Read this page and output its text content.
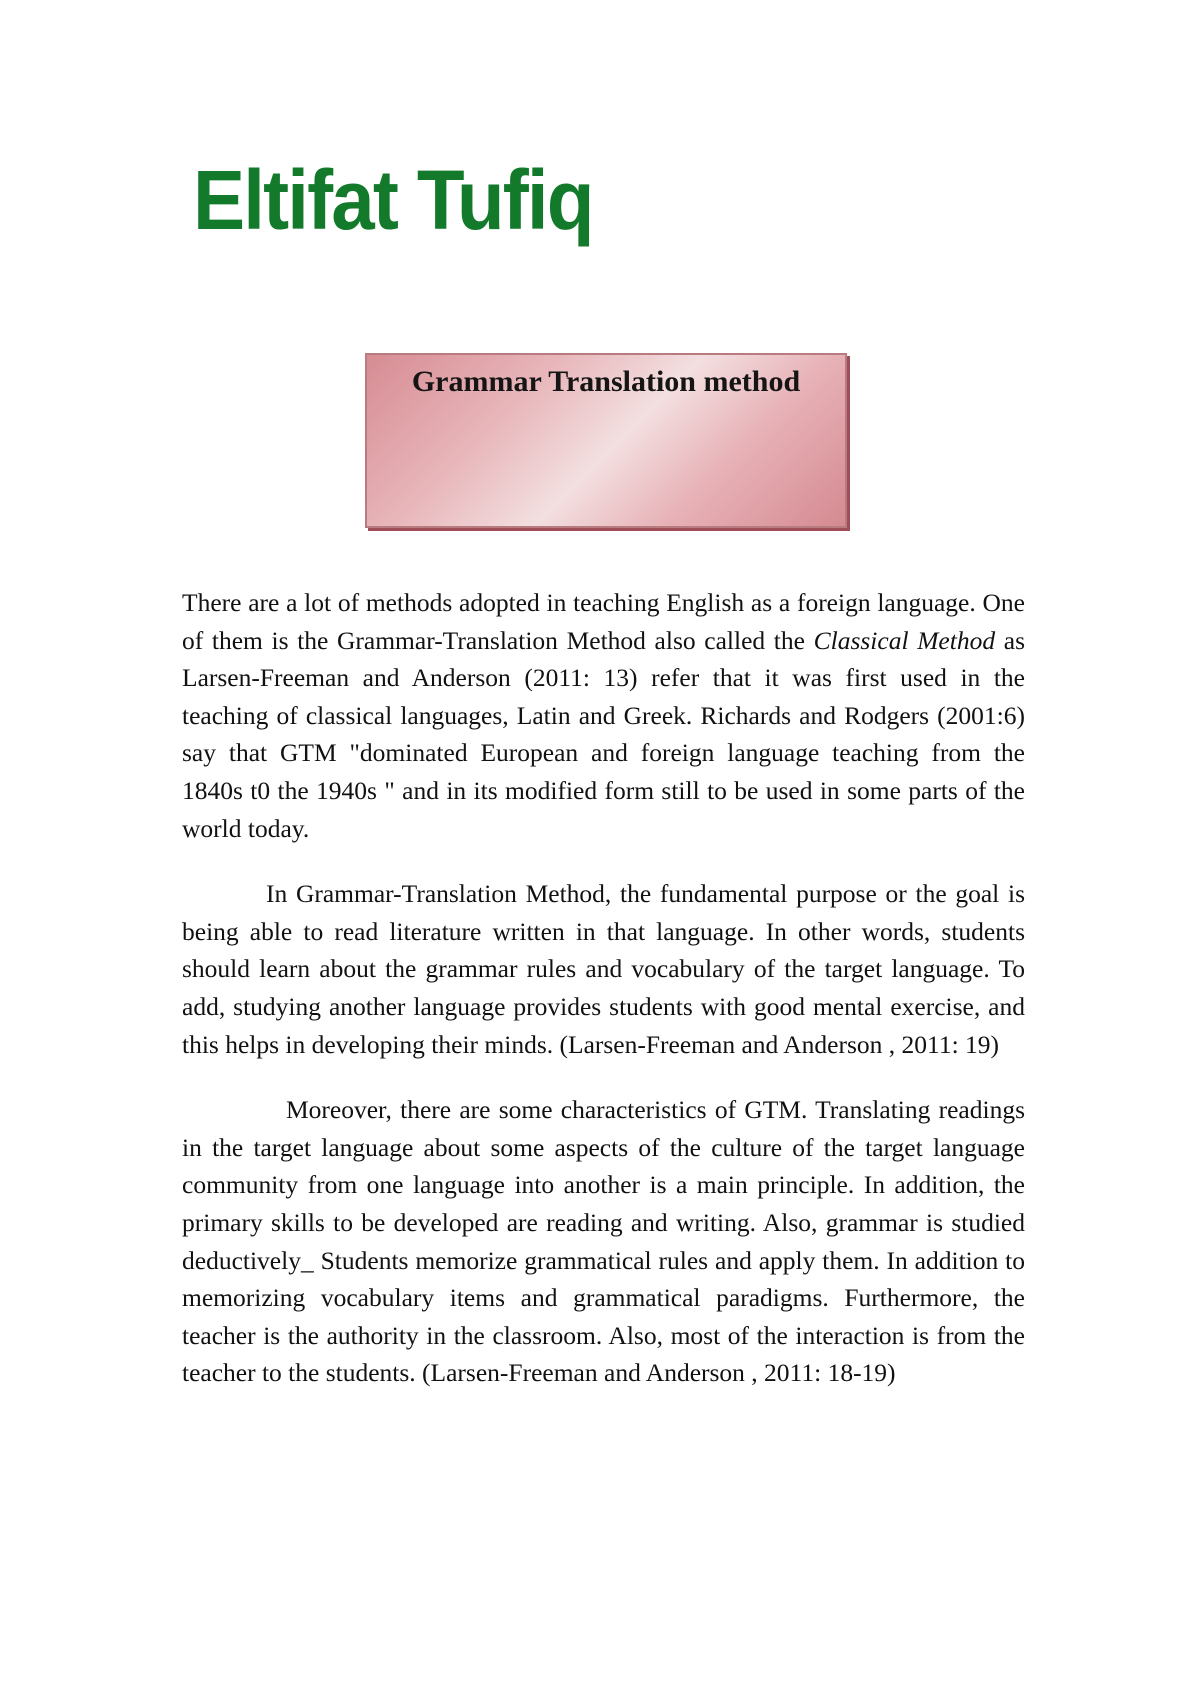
Eltifat Tufiq
Grammar Translation method

There are a lot of methods adopted in teaching English as a foreign language. One of them is the Grammar-Translation Method also called the Classical Method as Larsen-Freeman and Anderson (2011: 13) refer that it was first used in the teaching of classical languages, Latin and Greek. Richards and Rodgers (2001:6) say that GTM "dominated European and foreign language teaching from the 1840s t0 the 1940s " and in its modified form still to be used in some parts of the world today.

In Grammar-Translation Method, the fundamental purpose or the goal is being able to read literature written in that language. In other words, students should learn about the grammar rules and vocabulary of the target language. To add, studying another language provides students with good mental exercise, and this helps in developing their minds. (Larsen-Freeman and Anderson , 2011: 19)

Moreover, there are some characteristics of GTM. Translating readings in the target language about some aspects of the culture of the target language community from one language into another is a main principle. In addition, the primary skills to be developed are reading and writing. Also, grammar is studied deductively_ Students memorize grammatical rules and apply them. In addition to memorizing vocabulary items and grammatical paradigms. Furthermore, the teacher is the authority in the classroom. Also, most of the interaction is from the teacher to the students. (Larsen-Freeman and Anderson , 2011: 18-19)
